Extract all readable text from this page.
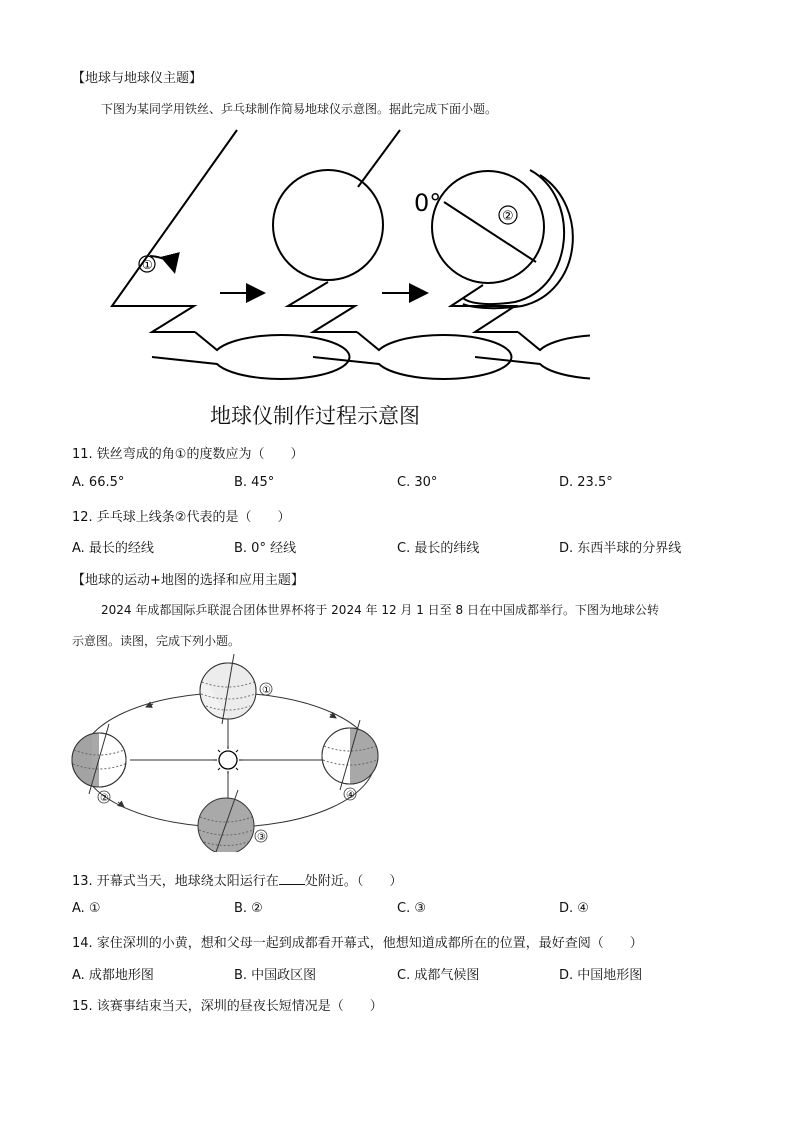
【地球与地球仪主题】
下图为某同学用铁丝、乒乓球制作简易地球仪示意图。据此完成下面小题。
①
②
0°
地球仪制作过程示意图
11. 铁丝弯成的角①的度数应为（　　）
A. 66.5°	B. 45°	C. 30°	D. 23.5°
12. 乒乓球上线条②代表的是（　　）
A. 最长的经线	B. 0° 经线	C. 最长的纬线	D. 东西半球的分界线
【地球的运动+地图的选择和应用主题】
2024 年成都国际乒联混合团体世界杯将于 2024 年 12 月 1 日至 8 日在中国成都举行。下图为地球公转
示意图。读图，完成下列小题。
①
②
③
④
13. 开幕式当天，地球绕太阳运行在 处附近。（　　）
A. ①	B. ②	C. ③	D. ④
14. 家住深圳的小黄，想和父母一起到成都看开幕式，他想知道成都所在的位置，最好查阅（　　）
A. 成都地形图	B. 中国政区图	C. 成都气候图	D. 中国地形图
15. 该赛事结束当天，深圳的昼夜长短情况是（　　）
